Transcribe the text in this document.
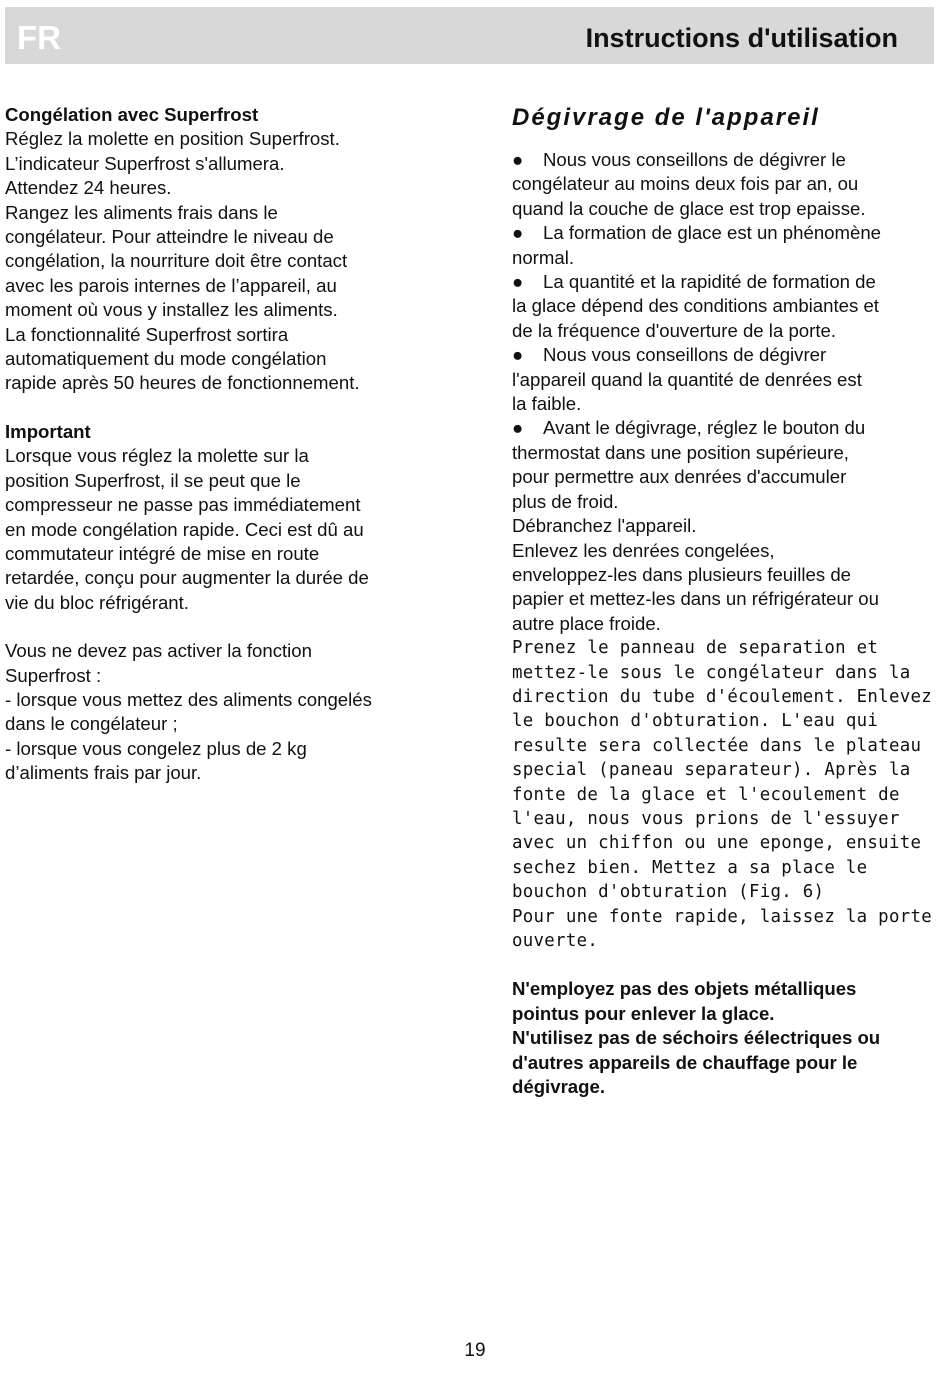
FR	Instructions d'utilisation

Congélation avec Superfrost

Réglez la molette en position Superfrost.

L’indicateur Superfrost s'allumera.

Attendez 24 heures.

Rangez les aliments frais dans le

congélateur. Pour atteindre le niveau de

congélation, la nourriture doit être contact

avec les parois internes de l’appareil, au

moment où vous y installez les aliments.

La fonctionnalité Superfrost sortira

automatiquement du mode congélation

rapide après 50 heures de fonctionnement.

Important

Lorsque vous réglez la molette sur la

position Superfrost, il se peut que le

compresseur ne passe pas immédiatement

en mode congélation rapide. Ceci est dû au

commutateur intégré de mise en route

retardée, conçu pour augmenter la durée de

vie du bloc réfrigérant.

Vous ne devez pas activer la fonction

Superfrost :

- lorsque vous mettez des aliments congelés

dans le congélateur ;

- lorsque vous congelez plus de 2 kg

d’aliments frais par jour.

Dégivrage de l'appareil

● Nous vous conseillons de dégivrer le

congélateur au moins deux fois par an, ou

quand la couche de glace est trop epaisse.

● La formation de glace est un phénomène

normal.

● La quantité et la rapidité de formation de

la glace dépend des conditions ambiantes et

de la fréquence d'ouverture de la porte.

● Nous vous conseillons de dégivrer

l'appareil quand la quantité de denrées est

la faible.

● Avant le dégivrage, réglez le bouton du

thermostat dans une position supérieure,

pour permettre aux denrées d'accumuler

plus de froid.

Débranchez l'appareil.

Enlevez les denrées congelées,

enveloppez-les dans plusieurs feuilles de

papier et mettez-les dans un réfrigérateur ou

autre place froide.

Prenez le panneau de separation et

mettez-le sous le congélateur dans la

direction du tube d'écoulement. Enlevez

le bouchon d'obturation. L'eau qui

resulte sera collectée dans le plateau

special (paneau separateur). Après la

fonte de la glace et l'ecoulement de

l'eau, nous vous prions de l'essuyer

avec un chiffon ou une eponge, ensuite

sechez bien. Mettez a sa place le

bouchon d'obturation (Fig. 6)

Pour une fonte rapide, laissez la porte

ouverte.

N'employez pas des objets métalliques

pointus pour enlever la glace.

N'utilisez pas de séchoirs éélectriques ou

d'autres appareils de chauffage pour le

dégivrage.

19
